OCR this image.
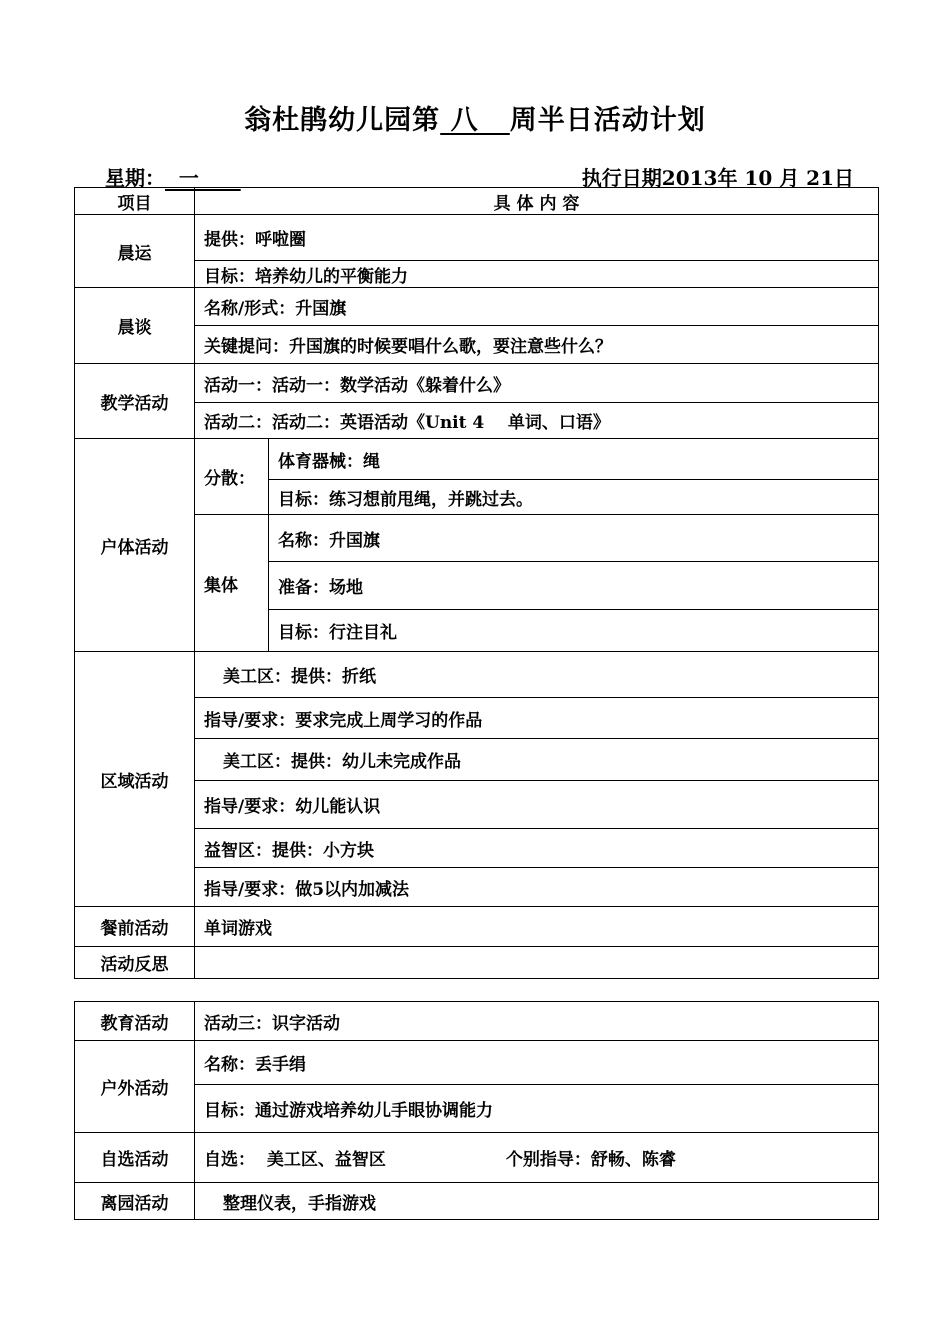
翁杜鹃幼儿园第 八   周半日活动计划
星期：  一	执行日期2013年 10 月 21日
项目	具 体 内 容	
晨运	提供：呼啦圈	
	目标：培养幼儿的平衡能力	
晨谈	名称/形式：升国旗	
	关键提问：升国旗的时候要唱什么歌，要注意些什么？	
教学活动	活动一：活动一：数学活动《躲着什么》	
	活动二：活动二：英语活动《Unit 4    单词、口语》	
户体活动	分散：	体育器械：绳
		目标：练习想前甩绳，并跳过去。
	集体	名称：升国旗
		准备：场地
		目标：行注目礼
区域活动	美工区：提供：折纸	
	指导/要求：要求完成上周学习的作品	
	美工区：提供：幼儿未完成作品	
	指导/要求：幼儿能认识	
	益智区：提供：小方块	
	指导/要求：做5以内加减法	
餐前活动	单词游戏	
活动反思		
教育活动	活动三：识字活动
户外活动	名称：丢手绢
	目标：通过游戏培养幼儿手眼协调能力
自选活动	自选：  美工区、益智区 个别指导：舒畅、陈睿
离园活动	整理仪表，手指游戏
